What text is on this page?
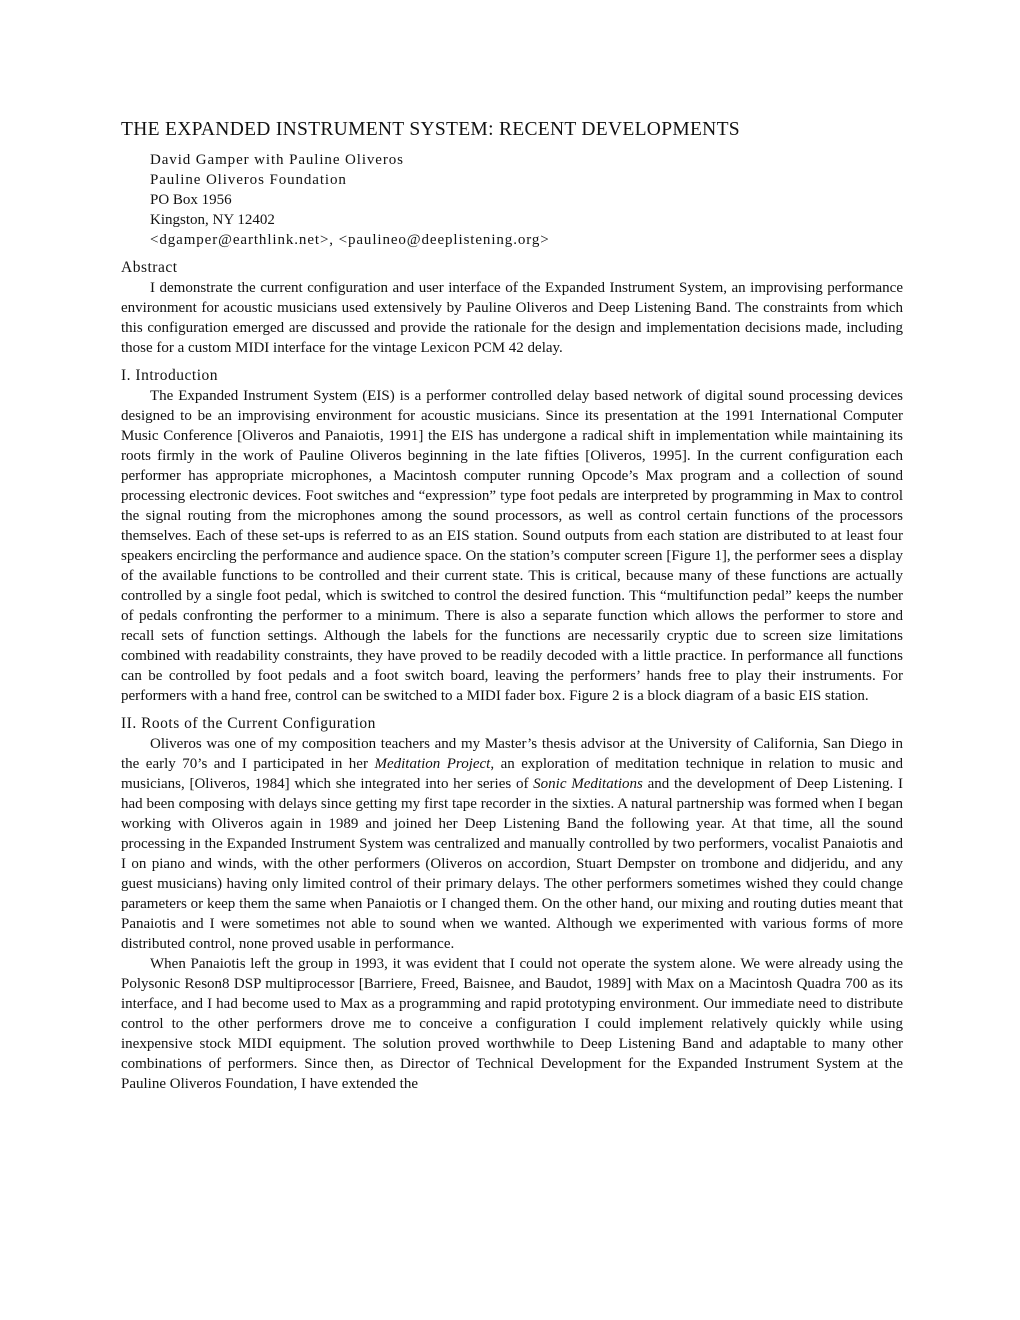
THE EXPANDED INSTRUMENT SYSTEM: RECENT DEVELOPMENTS
David Gamper with Pauline Oliveros
Pauline Oliveros Foundation
PO Box 1956
Kingston, NY 12402
<dgamper@earthlink.net>, <paulineo@deeplistening.org>
Abstract

I demonstrate the current configuration and user interface of the Expanded Instrument System, an improvising performance environment for acoustic musicians used extensively by Pauline Oliveros and Deep Listening Band. The constraints from which this configuration emerged are discussed and provide the rationale for the design and implementation decisions made, including those for a custom MIDI interface for the vintage Lexicon PCM 42 delay.

I. Introduction

The Expanded Instrument System (EIS) is a performer controlled delay based network of digital sound processing devices designed to be an improvising environment for acoustic musicians. Since its presentation at the 1991 International Computer Music Conference [Oliveros and Panaiotis, 1991] the EIS has undergone a radical shift in implementation while maintaining its roots firmly in the work of Pauline Oliveros beginning in the late fifties [Oliveros, 1995]. In the current configuration each performer has appropriate microphones, a Macintosh computer running Opcode’s Max program and a collection of sound processing electronic devices. Foot switches and “expression” type foot pedals are interpreted by programming in Max to control the signal routing from the microphones among the sound processors, as well as control certain functions of the processors themselves. Each of these set-ups is referred to as an EIS station. Sound outputs from each station are distributed to at least four speakers encircling the performance and audience space. On the station’s computer screen [Figure 1], the performer sees a display of the available functions to be controlled and their current state. This is critical, because many of these functions are actually controlled by a single foot pedal, which is switched to control the desired function. This “multifunction pedal” keeps the number of pedals confronting the performer to a minimum. There is also a separate function which allows the performer to store and recall sets of function settings. Although the labels for the functions are necessarily cryptic due to screen size limitations combined with readability constraints, they have proved to be readily decoded with a little practice. In performance all functions can be controlled by foot pedals and a foot switch board, leaving the performers’ hands free to play their instruments. For performers with a hand free, control can be switched to a MIDI fader box. Figure 2 is a block diagram of a basic EIS station.

II. Roots of the Current Configuration

Oliveros was one of my composition teachers and my Master’s thesis advisor at the University of California, San Diego in the early 70’s and I participated in her Meditation Project, an exploration of meditation technique in relation to music and musicians, [Oliveros, 1984] which she integrated into her series of Sonic Meditations and the development of Deep Listening. I had been composing with delays since getting my first tape recorder in the sixties. A natural partnership was formed when I began working with Oliveros again in 1989 and joined her Deep Listening Band the following year. At that time, all the sound processing in the Expanded Instrument System was centralized and manually controlled by two performers, vocalist Panaiotis and I on piano and winds, with the other performers (Oliveros on accordion, Stuart Dempster on trombone and didjeridu, and any guest musicians) having only limited control of their primary delays. The other performers sometimes wished they could change parameters or keep them the same when Panaiotis or I changed them. On the other hand, our mixing and routing duties meant that Panaiotis and I were sometimes not able to sound when we wanted. Although we experimented with various forms of more distributed control, none proved usable in performance.

When Panaiotis left the group in 1993, it was evident that I could not operate the system alone. We were already using the Polysonic Reson8 DSP multiprocessor [Barriere, Freed, Baisnee, and Baudot, 1989] with Max on a Macintosh Quadra 700 as its interface, and I had become used to Max as a programming and rapid prototyping environment. Our immediate need to distribute control to the other performers drove me to conceive a configuration I could implement relatively quickly while using inexpensive stock MIDI equipment. The solution proved worthwhile to Deep Listening Band and adaptable to many other combinations of performers. Since then, as Director of Technical Development for the Expanded Instrument System at the Pauline Oliveros Foundation, I have extended the
